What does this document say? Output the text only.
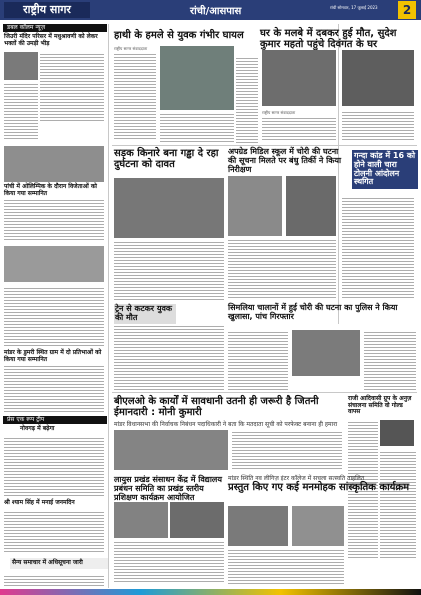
राष्ट्रीय सागर	रांची/आसपास	रांची सोमवार, 17 जुलाई 2023	2
डबल कॉलम न्यूज़
जिउरी मंदिर परिसर में मधुश्रावणी को लेकर भक्तों की उमड़ी भीड़
पांची में ओलिम्पिक के दौरान विजेताओं को किया गया सम्मानित
मांडर के डुमरी स्थित ग्राम में दो प्रतिभाओं को किया गया सम्मानित
प्रेस एक रूप ट्रीप
नोवगढ़ में बढ़ेगा
श्री श्याम सिंह में मनाई जनमदिन
सैन्य समाचार में अधिसूचना जारी
हाथी के हमले से युवक गंभीर घायल	घर के मलबे में दबकर हुई मौत, सुदेश कुमार महतो पहुंचे दिवंगत के घर
राष्ट्रीय सागर संवाददाता
राष्ट्रीय सागर संवाददाता
सड़क किनारे बना गड्ढा दे रहा दुर्घटना को दावत
अपग्रेड मिडिल स्कूल में चोरी की घटना की सूचना मिलते पर बंधु तिर्की ने किया निरीक्षण
गन्दा कांड में 16 को होने वाली चारा टोलनी आंदोलन स्थगित
ट्रेन से कटकर युवक की मौत
सिमलिया चालानों में हुई चोरी की घटना का पुलिस ने किया खुलासा, पांच गिरफ्तार
बीएलओ के कार्यों में सावधानी उतनी ही जरूरी है जितनी ईमानदारी : मोनी कुमारी
मांडर विधानसभा की निर्वाचक निबंधन पदाधिकारी ने बता कि मतदाता सूची को परफेक्ट बनाना ही हमारा
राजी आदिवासी ग्रुप के अनुज़ संचालना समिति वो गोल्ड वापस
लायुस प्रखंड संसाधन केंद्र में विद्यालय प्रबंधन समिति का प्रखंड स्तरीय प्रशिक्षण कार्यक्रम आयोजित
मांडर स्थिति नव लीगिज़ इंटर कॉलेज में सचला सत्स्वति ताहलित
प्रस्तुत किए गए कई मनमोहक सांस्कृतिक कार्यक्रम
